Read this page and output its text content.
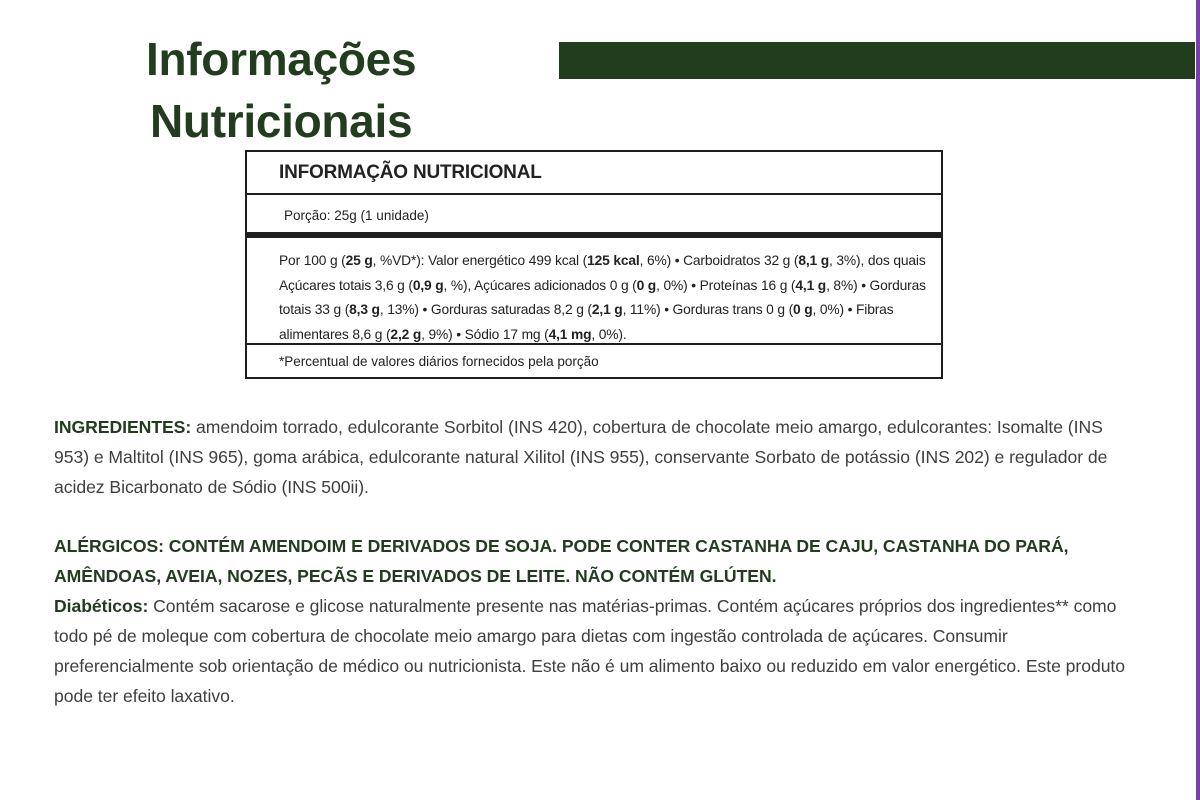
Informações
Nutricionais
INFORMAÇÃO NUTRICIONAL
Porção: 25g (1 unidade)

Por 100 g (25 g, %VD*): Valor energético 499 kcal (125 kcal, 6%) • Carboidratos 32 g (8,1 g, 3%), dos quais Açúcares totais 3,6 g (0,9 g, %), Açúcares adicionados 0 g (0 g, 0%) • Proteínas 16 g (4,1 g, 8%) • Gorduras totais 33 g (8,3 g, 13%) • Gorduras saturadas 8,2 g (2,1 g, 11%) • Gorduras trans 0 g (0 g, 0%) • Fibras alimentares 8,6 g (2,2 g, 9%) • Sódio 17 mg (4,1 mg, 0%).

*Percentual de valores diários fornecidos pela porção

INGREDIENTES: amendoim torrado, edulcorante Sorbitol (INS 420), cobertura de chocolate meio amargo, edulcorantes: Isomalte (INS 953) e Maltitol (INS 965), goma arábica, edulcorante natural Xilitol (INS 955), conservante Sorbato de potássio (INS 202) e regulador de acidez Bicarbonato de Sódio (INS 500ii).

ALÉRGICOS: CONTÉM AMENDOIM E DERIVADOS DE SOJA. PODE CONTER CASTANHA DE CAJU, CASTANHA DO PARÁ, AMÊNDOAS, AVEIA, NOZES, PECÃS E DERIVADOS DE LEITE. NÃO CONTÉM GLÚTEN.

Diabéticos: Contém sacarose e glicose naturalmente presente nas matérias-primas. Contém açúcares próprios dos ingredientes** como todo pé de moleque com cobertura de chocolate meio amargo para dietas com ingestão controlada de açúcares. Consumir preferencialmente sob orientação de médico ou nutricionista. Este não é um alimento baixo ou reduzido em valor energético. Este produto pode ter efeito laxativo.
